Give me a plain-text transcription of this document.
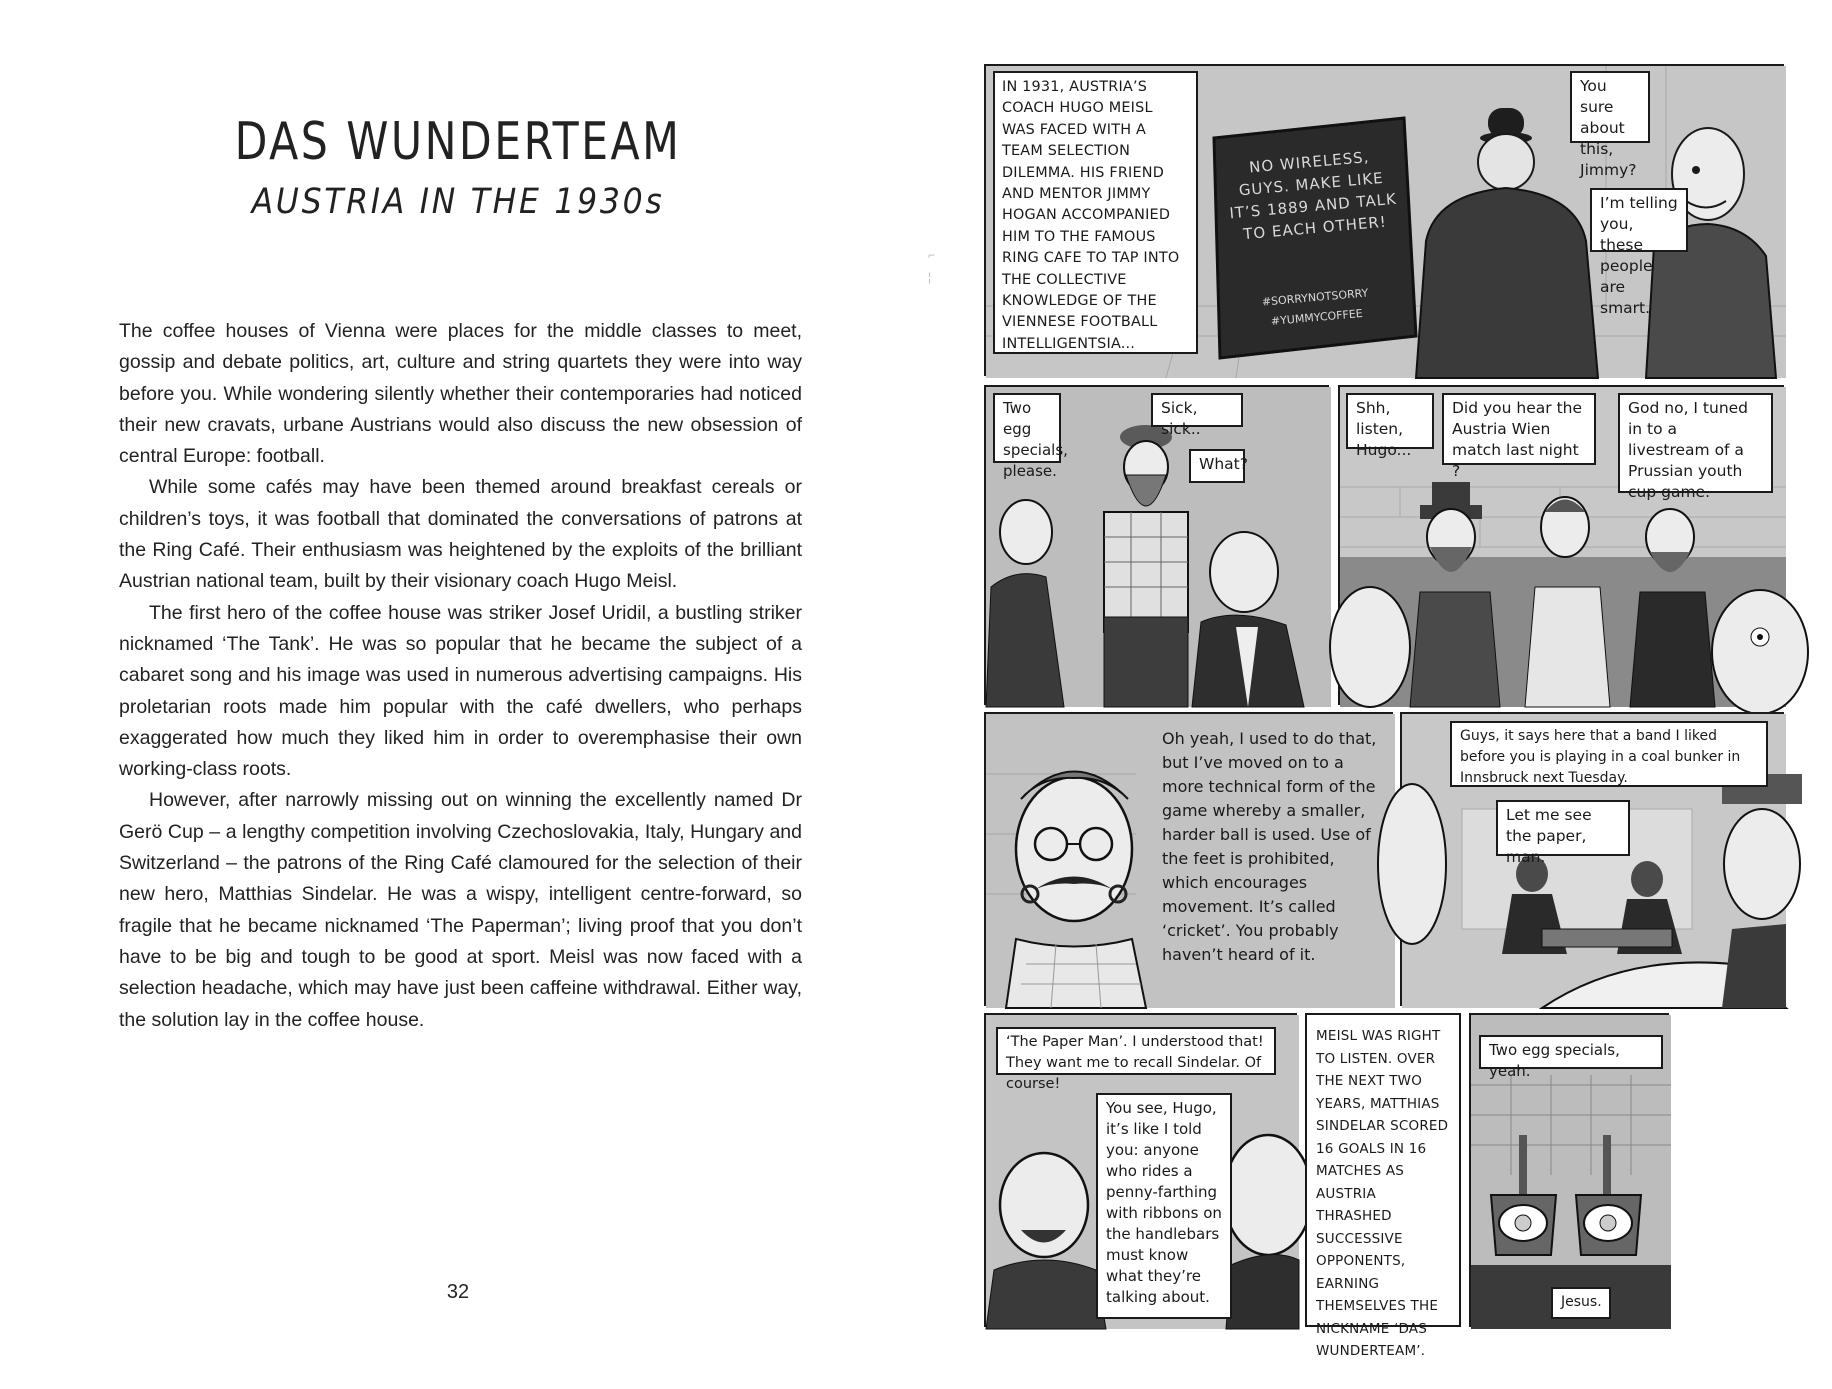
DAS WUNDERTEAM
AUSTRIA IN THE 1930s

The coffee houses of Vienna were places for the middle classes to meet, gossip and debate politics, art, culture and string quartets they were into way before you. While wondering silently whether their contemporaries had noticed their new cravats, urbane Austrians would also discuss the new obsession of central Europe: football.

While some cafés may have been themed around breakfast cereals or children’s toys, it was football that dominated the conversations of patrons at the Ring Café. Their enthusiasm was heightened by the exploits of the brilliant Austrian national team, built by their visionary coach Hugo Meisl.

The first hero of the coffee house was striker Josef Uridil, a bustling striker nicknamed ‘The Tank’. He was so popular that he became the subject of a cabaret song and his image was used in numerous advertising campaigns. His proletarian roots made him popular with the café dwellers, who perhaps exaggerated how much they liked him in order to overemphasise their own working-class roots.

However, after narrowly missing out on winning the excellently named Dr Gerö Cup – a lengthy competition involving Czechoslovakia, Italy, Hungary and Switzerland – the patrons of the Ring Café clamoured for the selection of their new hero, Matthias Sindelar. He was a wispy, intelligent centre-forward, so fragile that he became nicknamed ‘The Paperman’; living proof that you don’t have to be big and tough to be good at sport. Meisl was now faced with a selection headache, which may have just been caffeine withdrawal. Either way, the solution lay in the coffee house.

32
⌐
¦
IN 1931, AUSTRIA’S COACH HUGO MEISL WAS FACED WITH A TEAM SELECTION DILEMMA. HIS FRIEND AND MENTOR JIMMY HOGAN ACCOMPANIED HIM TO THE FAMOUS RING CAFE TO TAP INTO THE COLLECTIVE KNOWLEDGE OF THE VIENNESE FOOTBALL INTELLIGENTSIA...
NO WIRELESS, GUYS. MAKE LIKE IT’S 1889 AND TALK TO EACH OTHER!
#SORRYNOTSORRY #YUMMYCOFFEE
You sure about this, Jimmy?
I’m telling you, these people are smart.
Two egg specials, please.
Sick, sick..
What?
Shh, listen, Hugo...
Did you hear the Austria Wien match last night ?
God no, I tuned in to a livestream of a Prussian youth cup game.
Oh yeah, I used to do that, but I’ve moved on to a more technical form of the game whereby a smaller, harder ball is used. Use of the feet is prohibited, which encourages movement. It’s called ‘cricket’. You probably haven’t heard of it.
Guys, it says here that a band I liked before you is playing in a coal bunker in Innsbruck next Tuesday.
Let me see the paper, man.
‘The Paper Man’. I understood that! They want me to recall Sindelar. Of course!
You see, Hugo, it’s like I told you: anyone who rides a penny-farthing with ribbons on the handlebars must know what they’re talking about.
MEISL WAS RIGHT TO LISTEN. OVER THE NEXT TWO YEARS, MATTHIAS SINDELAR SCORED 16 GOALS IN 16 MATCHES AS AUSTRIA THRASHED SUCCESSIVE OPPONENTS, EARNING THEMSELVES THE NICKNAME ‘DAS WUNDERTEAM’.
Two egg specials, yeah.
Jesus.
